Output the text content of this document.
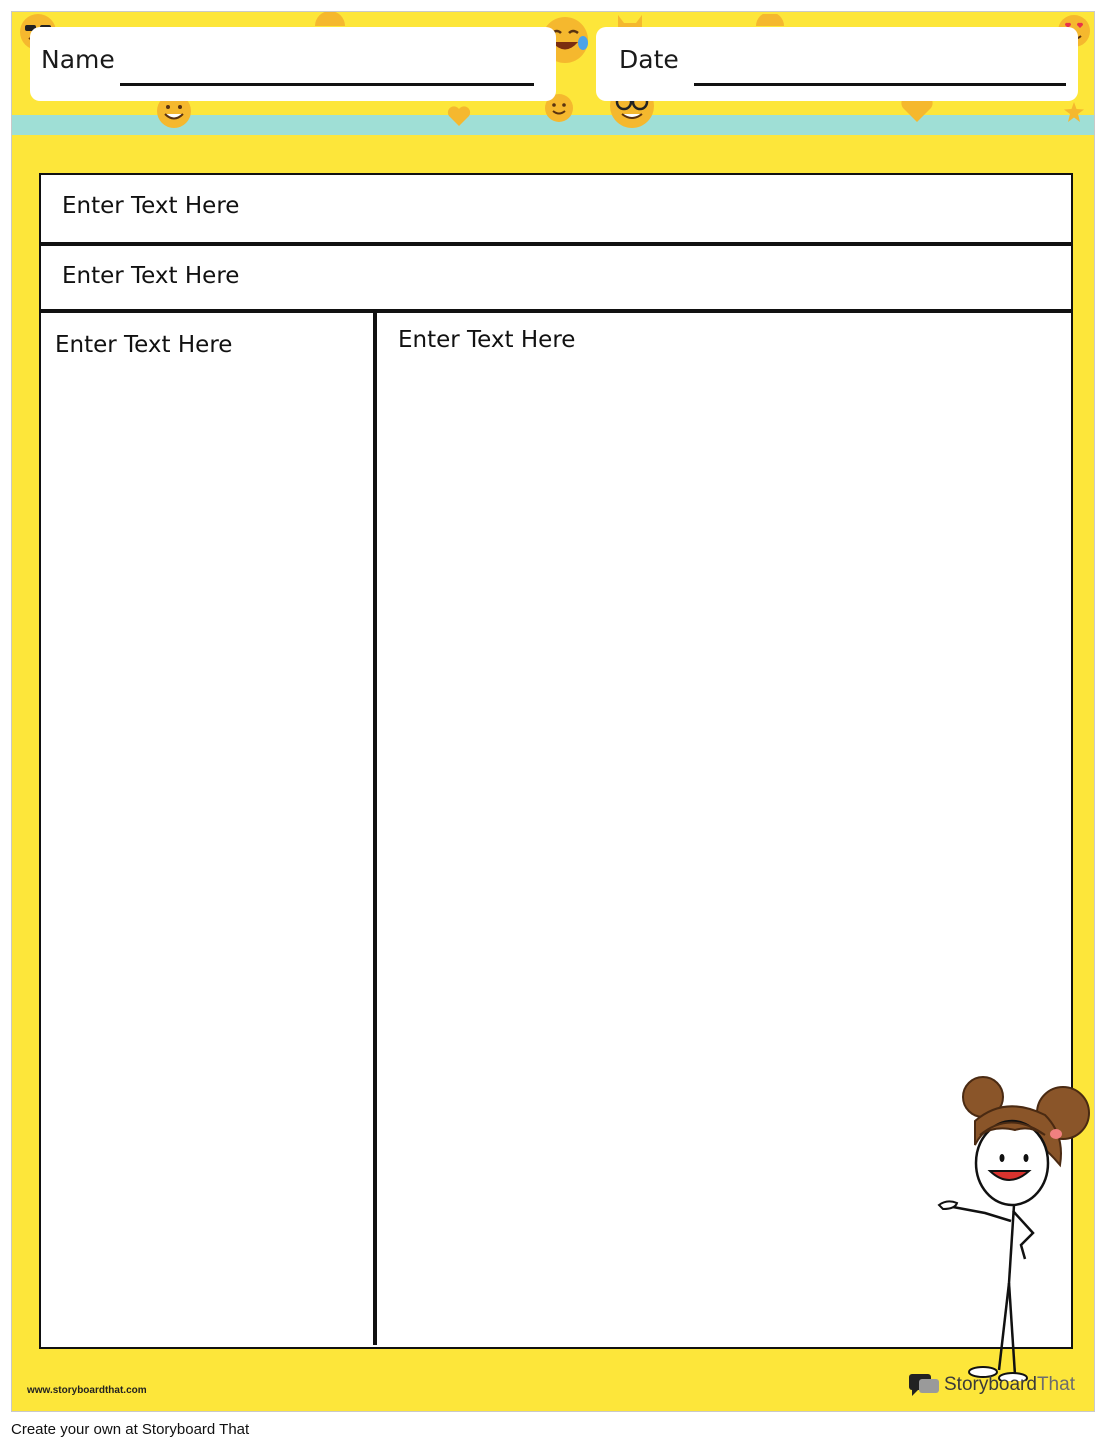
Name	Date
Enter Text Here
Enter Text Here
Enter Text Here	Enter Text Here
www.storyboardthat.com	Storyboard That
Create your own at Storyboard That
